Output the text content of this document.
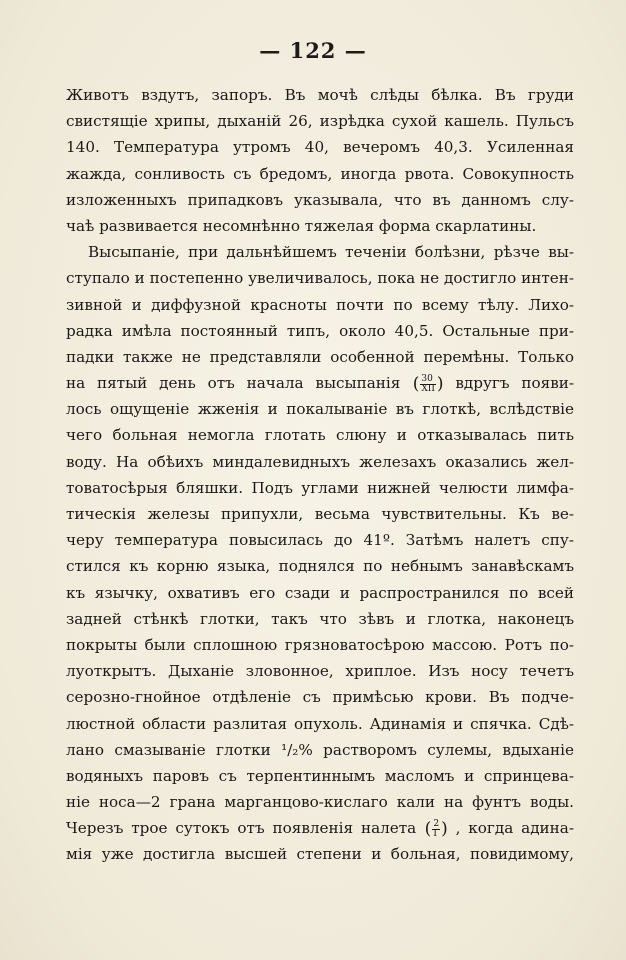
— 122 —
Животъ вздутъ, запоръ. Въ мочѣ слѣды бѣлка. Въ груди
свистящіе хрипы, дыханій 26, изрѣдка сухой кашель. Пульсъ
140. Температура утромъ 40, вечеромъ 40,3. Усиленная
жажда, сонливость съ бредомъ, иногда рвота. Совокупность
изложенныхъ припадковъ указывала, что въ данномъ слу-
чаѣ развивается несомнѣнно тяжелая форма скарлатины.
Высыпаніе, при дальнѣйшемъ теченіи болѣзни, рѣзче вы-
ступало и постепенно увеличивалось, пока не достигло интен-
зивной и диффузной красноты почти по всему тѣлу. Лихо-
радка имѣла постоянный типъ, около 40,5. Остальные при-
падки также не представляли особенной перемѣны. Только
на пятый день отъ начала высыпанія ( $\frac{30}{\text{XII}}$ ) вдругъ появи-
лось ощущеніе жженія и покалываніе въ глоткѣ, вслѣдствіе
чего больная немогла глотать слюну и отказывалась пить
воду. На обѣихъ миндалевидныхъ железахъ оказались жел-
товатосѣрыя бляшки. Подъ углами нижней челюсти лимфа-
тическія железы припухли, весьма чувствительны. Къ ве-
черу температура повысилась до 41º. Затѣмъ налетъ спу-
стился къ корню языка, поднялся по небнымъ занавѣскамъ
къ язычку, охвативъ его сзади и распространился по всей
задней стѣнкѣ глотки, такъ что зѣвъ и глотка, наконецъ
покрыты были сплошною грязноватосѣрою массою. Ротъ по-
луоткрытъ. Дыханіе зловонное, хриплое. Изъ носу течетъ
серозно-гнойное отдѣленіе съ примѣсью крови. Въ подче-
люстной области разлитая опухоль. Адинамія и спячка. Сдѣ-
лано смазываніе глотки ¹/₂% растворомъ сулемы, вдыханіе
водяныхъ паровъ съ терпентиннымъ масломъ и спринцева-
ніе носа—2 грана марганцово-кислаго кали на фунтъ воды.
Черезъ трое сутокъ отъ появленія налета ( $\frac{2}{I}$ ) , когда адина-
мія уже достигла высшей степени и больная, повидимому,
